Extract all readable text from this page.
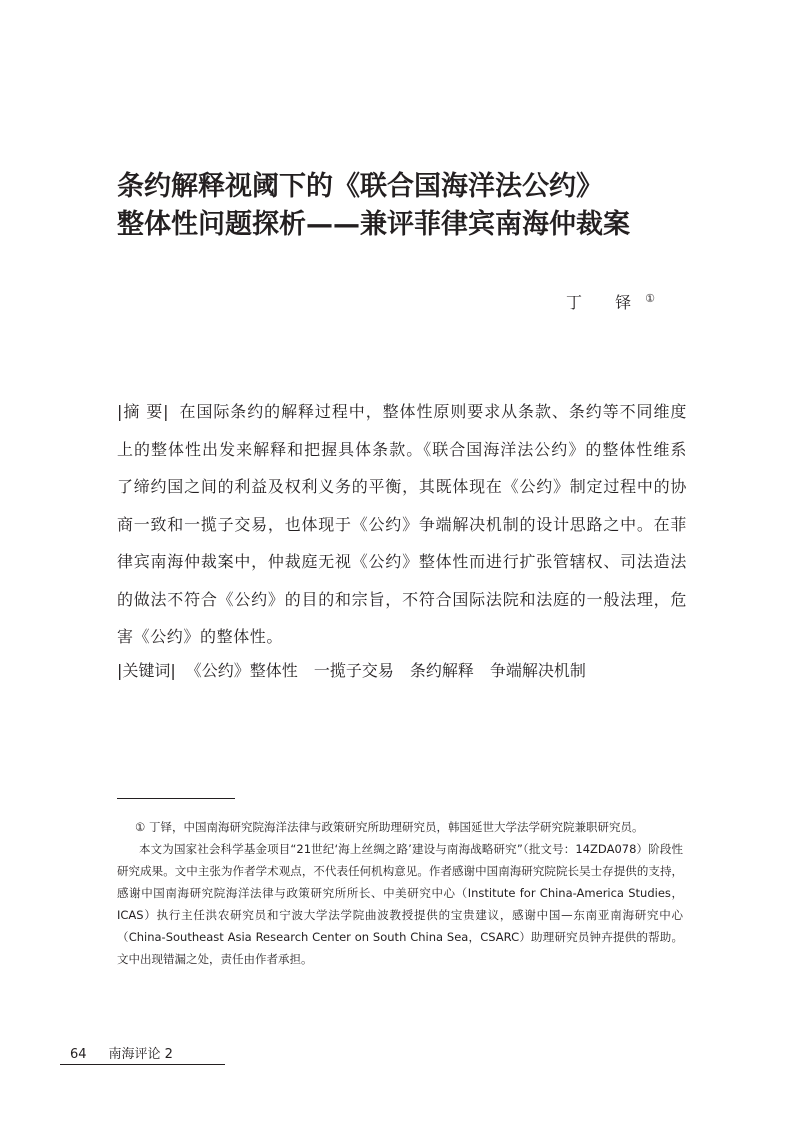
条约解释视阈下的《联合国海洋法公约》
整体性问题探析——兼评菲律宾南海仲裁案
丁 铎①
|摘 要| 在国际条约的解释过程中，整体性原则要求从条款、条约等不同维度上的整体性出发来解释和把握具体条款。《联合国海洋法公约》的整体性维系了缔约国之间的利益及权利义务的平衡，其既体现在《公约》制定过程中的协商一致和一揽子交易，也体现于《公约》争端解决机制的设计思路之中。在菲律宾南海仲裁案中，仲裁庭无视《公约》整体性而进行扩张管辖权、司法造法的做法不符合《公约》的目的和宗旨，不符合国际法院和法庭的一般法理，危害《公约》的整体性。
|关键词| 《公约》整体性 一揽子交易 条约解释 争端解决机制

① 丁铎，中国南海研究院海洋法律与政策研究所助理研究员，韩国延世大学法学研究院兼职研究员。

本文为国家社会科学基金项目“21世纪‘海上丝绸之路’建设与南海战略研究”（批文号：14ZDA078）阶段性研究成果。文中主张为作者学术观点，不代表任何机构意见。作者感谢中国南海研究院院长吴士存提供的支持，感谢中国南海研究院海洋法律与政策研究所所长、中美研究中心（Institute for China-America Studies，ICAS）执行主任洪农研究员和宁波大学法学院曲波教授提供的宝贵建议，感谢中国—东南亚南海研究中心（China-Southeast Asia Research Center on South China Sea，CSARC）助理研究员钟卉提供的帮助。文中出现错漏之处，责任由作者承担。

64 南海评论 2
